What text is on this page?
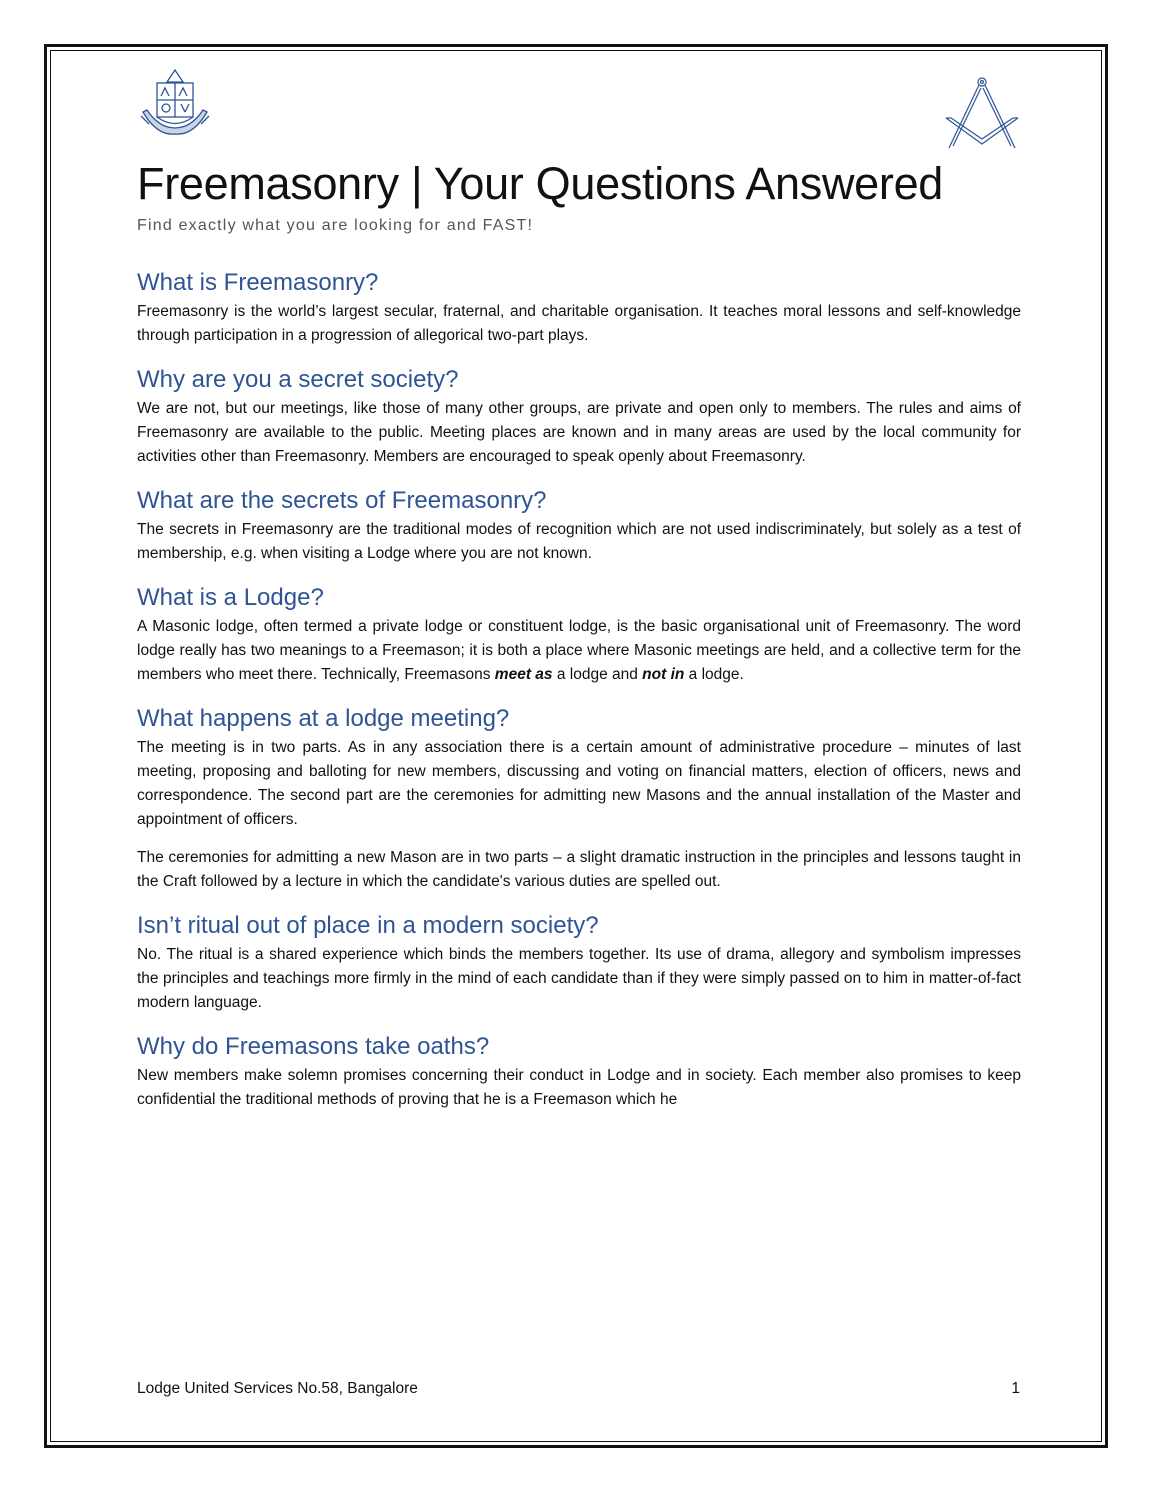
Freemasonry | Your Questions Answered

Find exactly what you are looking for and FAST!

What is Freemasonry?

Freemasonry is the world’s largest secular, fraternal, and charitable organisation. It teaches moral lessons and self-knowledge through participation in a progression of allegorical two-part plays.

Why are you a secret society?

We are not, but our meetings, like those of many other groups, are private and open only to members. The rules and aims of Freemasonry are available to the public. Meeting places are known and in many areas are used by the local community for activities other than Freemasonry. Members are encouraged to speak openly about Freemasonry.

What are the secrets of Freemasonry?

The secrets in Freemasonry are the traditional modes of recognition which are not used indiscriminately, but solely as a test of membership, e.g. when visiting a Lodge where you are not known.

What is a Lodge?

A Masonic lodge, often termed a private lodge or constituent lodge, is the basic organisational unit of Freemasonry. The word lodge really has two meanings to a Freemason; it is both a place where Masonic meetings are held, and a collective term for the members who meet there. Technically, Freemasons meet as a lodge and not in a lodge.

What happens at a lodge meeting?

The meeting is in two parts. As in any association there is a certain amount of administrative procedure – minutes of last meeting, proposing and balloting for new members, discussing and voting on financial matters, election of officers, news and correspondence. The second part are the ceremonies for admitting new Masons and the annual installation of the Master and appointment of officers.

The ceremonies for admitting a new Mason are in two parts – a slight dramatic instruction in the principles and lessons taught in the Craft followed by a lecture in which the candidate's various duties are spelled out.

Isn’t ritual out of place in a modern society?

No. The ritual is a shared experience which binds the members together. Its use of drama, allegory and symbolism impresses the principles and teachings more firmly in the mind of each candidate than if they were simply passed on to him in matter-of-fact modern language.

Why do Freemasons take oaths?

New members make solemn promises concerning their conduct in Lodge and in society. Each member also promises to keep confidential the traditional methods of proving that he is a Freemason which he

Lodge United Services No.58, Bangalore	1
